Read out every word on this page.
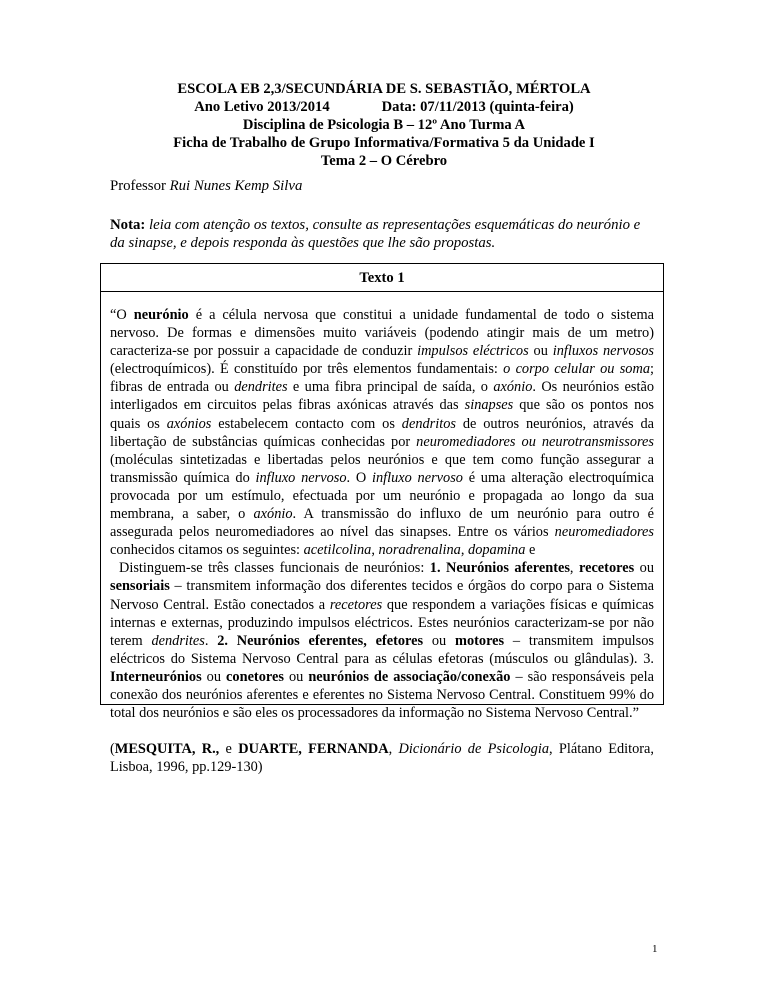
ESCOLA EB 2,3/SECUNDÁRIA DE S. SEBASTIÃO, MÉRTOLA
Ano Letivo 2013/2014	Data: 07/11/2013 (quinta-feira)
Disciplina de Psicologia B – 12º Ano Turma A
Ficha de Trabalho de Grupo Informativa/Formativa 5 da Unidade I
Tema 2 – O Cérebro
Professor Rui Nunes Kemp Silva
Nota: leia com atenção os textos, consulte as representações esquemáticas do neurónio e da sinapse, e depois responda às questões que lhe são propostas.
Texto 1

“O neurónio é a célula nervosa que constitui a unidade fundamental de todo o sistema nervoso. De formas e dimensões muito variáveis (podendo atingir mais de um metro) caracteriza-se por possuir a capacidade de conduzir impulsos eléctricos ou influxos nervosos (electroquímicos). É constituído por três elementos fundamentais: o corpo celular ou soma; fibras de entrada ou dendrites e uma fibra principal de saída, o axónio. Os neurónios estão interligados em circuitos pelas fibras axónicas através das sinapses que são os pontos nos quais os axónios estabelecem contacto com os dendritos de outros neurónios, através da libertação de substâncias químicas conhecidas por neuromediadores ou neurotransmissores (moléculas sintetizadas e libertadas pelos neurónios e que tem como função assegurar a transmissão química do influxo nervoso. O influxo nervoso é uma alteração electroquímica provocada por um estímulo, efectuada por um neurónio e propagada ao longo da sua membrana, a saber, o axónio. A transmissão do influxo de um neurónio para outro é assegurada pelos neuromediadores ao nível das sinapses. Entre os vários neuromediadores conhecidos citamos os seguintes: acetilcolina, noradrenalina, dopamina e

Distinguem-se três classes funcionais de neurónios: 1. Neurónios aferentes, recetores ou sensoriais – transmitem informação dos diferentes tecidos e órgãos do corpo para o Sistema Nervoso Central. Estão conectados a recetores que respondem a variações físicas e químicas internas e externas, produzindo impulsos eléctricos. Estes neurónios caracterizam-se por não terem dendrites. 2. Neurónios eferentes, efetores ou motores – transmitem impulsos eléctricos do Sistema Nervoso Central para as células efetoras (músculos ou glândulas). 3. Interneurónios ou conetores ou neurónios de associação/conexão – são responsáveis pela conexão dos neurónios aferentes e eferentes no Sistema Nervoso Central. Constituem 99% do total dos neurónios e são eles os processadores da informação no Sistema Nervoso Central.”

(MESQUITA, R., e DUARTE, FERNANDA, Dicionário de Psicologia, Plátano Editora, Lisboa, 1996, pp.129-130)
1
